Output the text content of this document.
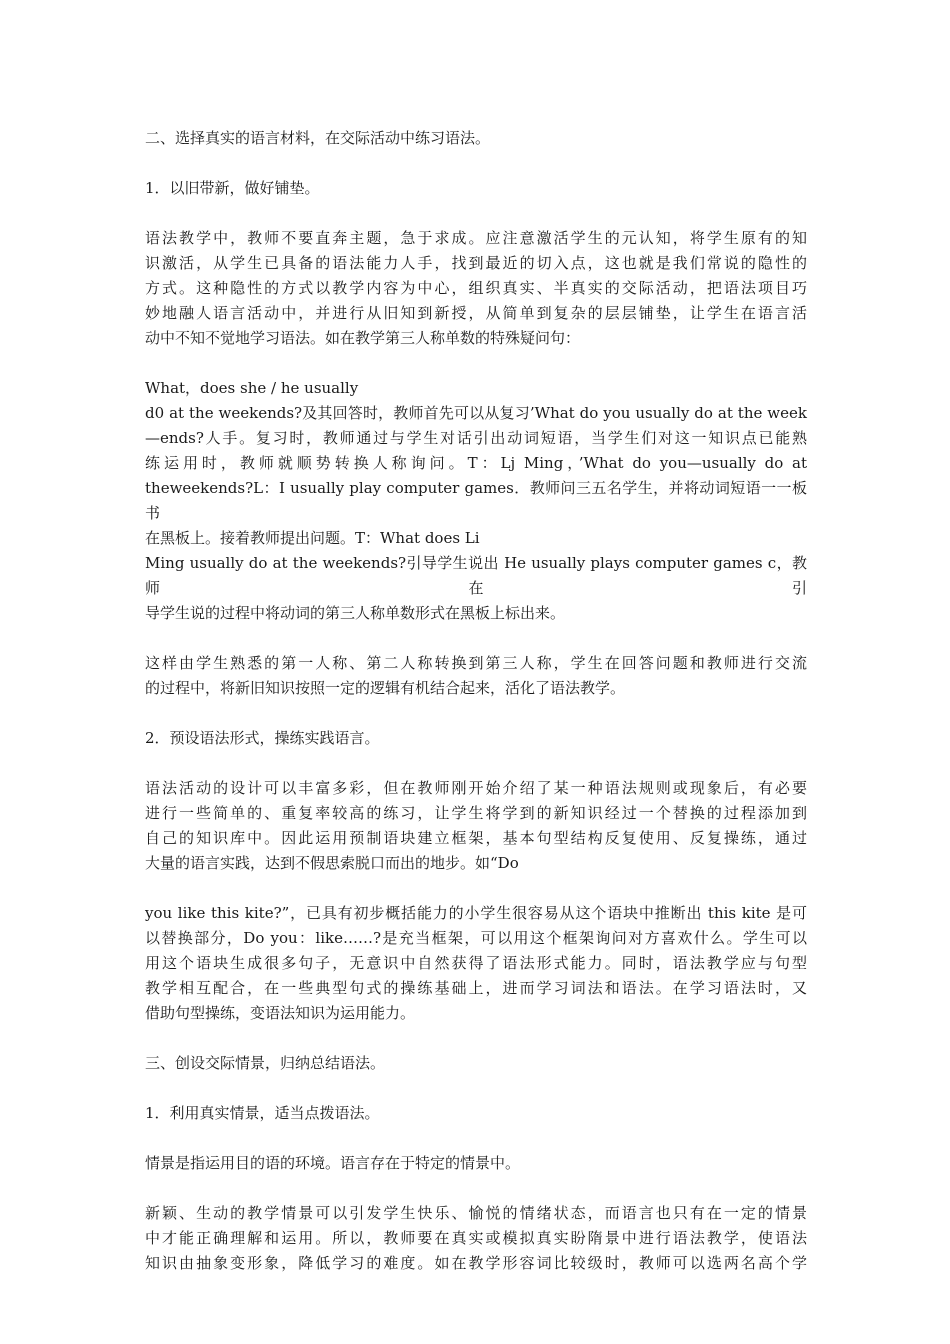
二、选择真实的语言材料，在交际活动中练习语法。

1．以旧带新，做好铺垫。

语法教学中，教师不要直奔主题，急于求成。应注意激活学生的元认知，将学生原有的知
识激活，从学生已具备的语法能力人手，找到最近的切入点，这也就是我们常说的隐性的
方式。这种隐性的方式以教学内容为中心，组织真实、半真实的交际活动，把语法项目巧
妙地融人语言活动中，并进行从旧知到新授，从简单到复杂的层层铺垫，让学生在语言活
动中不知不觉地学习语法。如在教学第三人称单数的特殊疑问句：

What，does she / he usually
d0 at the weekends?及其回答时，教师首先可以从复习’What do you usually do at the week
—ends?人手。复习时，教师通过与学生对话引出动词短语，当学生们对这一知识点已能熟
练运用时，教师就顺势转换人称询问。T：Lj Ming，’What do you—usually do at
theweekends?L：I usually play computer games．教师问三五名学生，并将动词短语一一板书
在黑板上。接着教师提出问题。T：What does Li
Ming usually do at the weekends?引导学生说出 He usually plays computer games c，教师在引
导学生说的过程中将动词的第三人称单数形式在黑板上标出来。

这样由学生熟悉的第一人称、第二人称转换到第三人称，学生在回答问题和教师进行交流
的过程中，将新旧知识按照一定的逻辑有机结合起来，活化了语法教学。

2．预设语法形式，操练实践语言。

语法活动的设计可以丰富多彩，但在教师刚开始介绍了某一种语法规则或现象后，有必要
进行一些简单的、重复率较高的练习，让学生将学到的新知识经过一个替换的过程添加到
自己的知识库中。因此运用预制语块建立框架，基本句型结构反复使用、反复操练，通过
大量的语言实践，达到不假思索脱口而出的地步。如“Do

you like this kite?”，已具有初步概括能力的小学生很容易从这个语块中推断出 this kite 是可
以替换部分，Do you：like……?是充当框架，可以用这个框架询问对方喜欢什么。学生可以
用这个语块生成很多句子，无意识中自然获得了语法形式能力。同时，语法教学应与句型
教学相互配合，在一些典型句式的操练基础上，进而学习词法和语法。在学习语法时，又
借助句型操练，变语法知识为运用能力。

三、创设交际情景，归纳总结语法。

1．利用真实情景，适当点拨语法。

情景是指运用目的语的环境。语言存在于特定的情景中。

新颖、生动的教学情景可以引发学生快乐、愉悦的情绪状态，而语言也只有在一定的情景
中才能正确理解和运用。所以，教师要在真实或模拟真实盼隋景中进行语法教学，使语法
知识由抽象变形象，降低学习的难度。如在教学形容词比较级时，教师可以选两名高个学
